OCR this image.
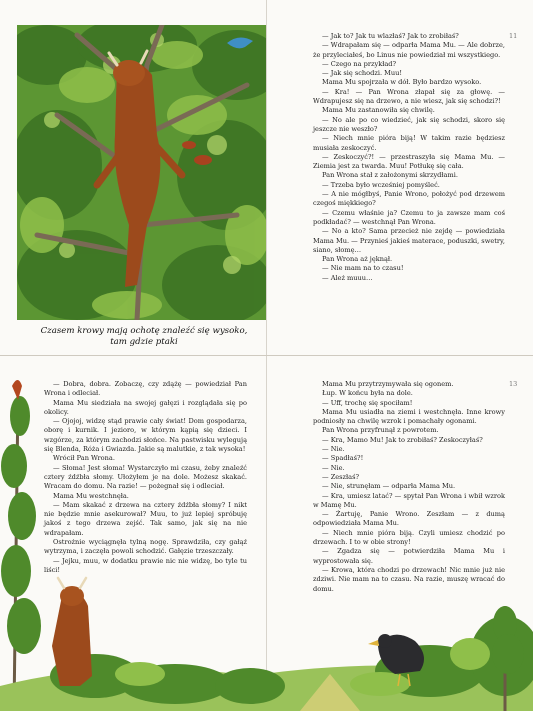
Czasem krowy mają ochotę znaleźć się wysoko,
tam gdzie ptaki
11

— Jak to? Jak tu wlazłaś? Jak to zrobiłaś?

— Wdrapałam się — odparła Mama Mu. — Ale dobrze, że przyleciałeś, bo Linus nie powiedział mi wszystkiego.

— Czego na przykład?

— Jak się schodzi. Muu!

Mama Mu spojrzała w dół. Było bardzo wysoko.

— Kra! — Pan Wrona złapał się za głowę. — Wdrapujesz się na drzewo, a nie wiesz, jak się schodzi?!

Mama Mu zastanowiła się chwilę.

— No ale po co wiedzieć, jak się schodzi, skoro się jeszcze nie weszło?

— Niech mnie pióra biją! W takim razie będziesz musiała zeskoczyć.

— Zeskoczyć?! — przestraszyła się Mama Mu. — Ziemia jest za twarda. Muu! Potłukę się cała.

Pan Wrona stał z założonymi skrzydłami.

— Trzeba było wcześniej pomyśleć.

— A nie mógłbyś, Panie Wrono, położyć pod drzewem czegoś miękkiego?

— Czemu właśnie ja? Czemu to ja zawsze mam coś podkładać? — westchnął Pan Wrona.

— No a kto? Sama przecież nie zejdę — powiedziała Mama Mu. — Przynieś jakieś materace, poduszki, swetry, siano, słomę…

Pan Wrona aż jęknął.

— Nie mam na to czasu!

— Ależ muuu…

— Dobra, dobra. Zobaczę, czy zdążę — powiedział Pan Wrona i odleciał.

Mama Mu siedziała na swojej gałęzi i rozglądała się po okolicy.

— Ojojoj, widzę stąd prawie cały świat! Dom gospodarza, oborę i kurnik. I jezioro, w którym kąpią się dzieci. I wzgórze, za którym zachodzi słońce. Na pastwisku wylegują się Blenda, Róża i Gwiazda. Jakie są malutkie, z tak wysoka!

Wrócił Pan Wrona.

— Słoma! Jest słoma! Wystarczyło mi czasu, żeby znaleźć cztery źdźbła słomy. Ułożyłem je na dole. Możesz skakać. Wracam do domu. Na razie! — pożegnał się i odleciał.

Mama Mu westchnęła.

— Mam skakać z drzewa na cztery źdźbła słomy? I nikt nie będzie mnie asekurował? Muu, to już lepiej spróbuję jakoś z tego drzewa zejść. Tak samo, jak się na nie wdrapałam.

Ostrożnie wyciągnęła tylną nogę. Sprawdziła, czy gałąź wytrzyma, i zaczęła powoli schodzić. Gałęzie trzeszczały.

— Jejku, muu, w dodatku prawie nic nie widzę, bo tyle tu liści!

13

Mama Mu przytrzymywała się ogonem.

Łup. W końcu była na dole.

— Uff, trochę się spociłam!

Mama Mu usiadła na ziemi i westchnęła. Inne krowy podniosły na chwilę wzrok i pomachały ogonami.

Pan Wrona przyfrunął z powrotem.

— Kra, Mamo Mu! Jak to zrobiłaś? Zeskoczyłaś?

— Nie.

— Spadłaś?!

— Nie.

— Zeszłaś?

— Nie, strunęłam — odparła Mama Mu.

— Kra, umiesz latać? — spytał Pan Wrona i wbił wzrok w Mamę Mu.

— Żartuję, Panie Wrono. Zeszłam — z dumą odpowiedziała Mama Mu.

— Niech mnie pióra biją. Czyli umiesz chodzić po drzewach. I to w obie strony!

— Zgadza się — potwierdziła Mama Mu i wyprostowała się.

— Krowa, która chodzi po drzewach! Nic mnie już nie zdziwi. Nie mam na to czasu. Na razie, muszę wracać do domu.
